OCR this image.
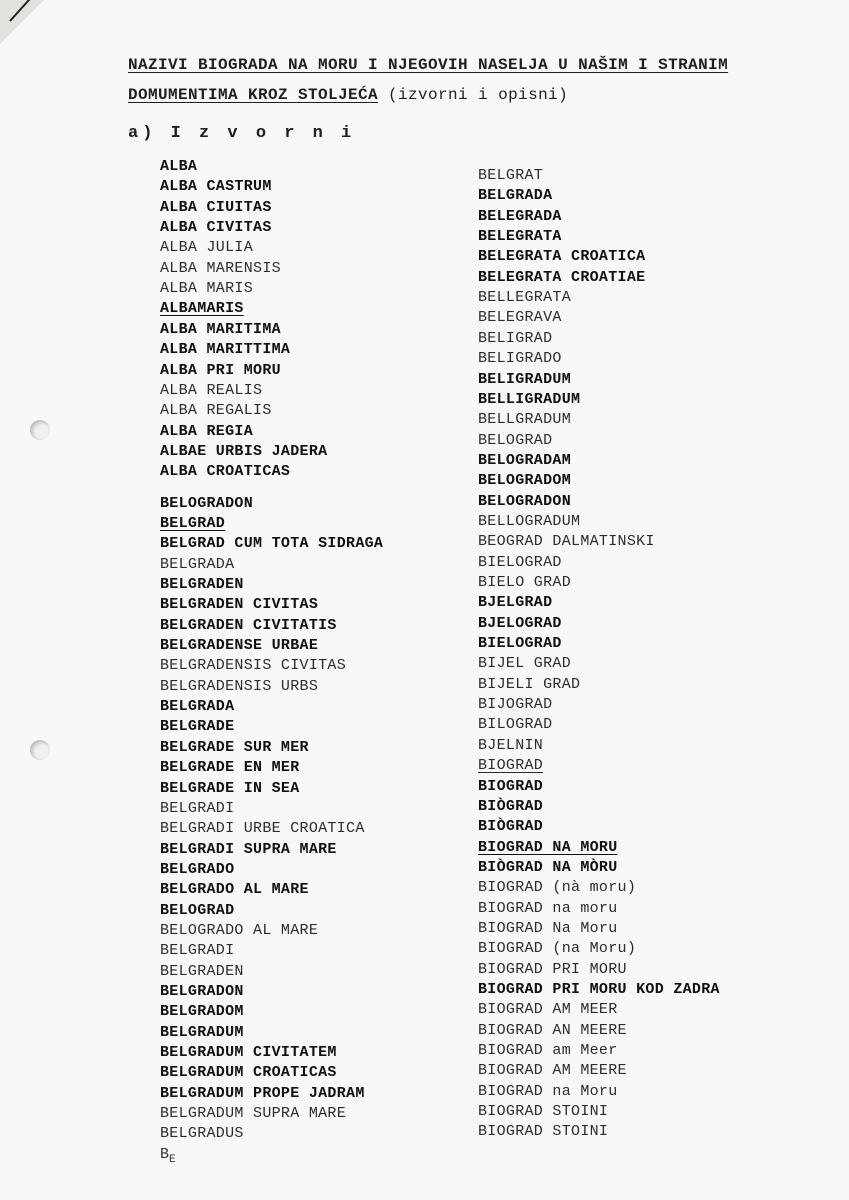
NAZIVI BIOGRADA NA MORU I NJEGOVIH NASELJA U NAŠIM I STRANIM
DOMUMENTIMA KROZ STOLJEĆA (izvorni i opisni)
a) I z v o r n i
ALBA
ALBA CASTRUM
ALBA CIUITAS
ALBA CIVITAS
ALBA JULIA
ALBA MARENSIS
ALBA MARIS
ALBAMARIS
ALBA MARITIMA
ALBA MARITTIMA
ALBA PRI MORU
ALBA REALIS
ALBA REGALIS
ALBA REGIA
ALBAE URBIS JADERA
ALBA CROATICAS
BELOGRADON
BELGRAD
BELGRAD CUM TOTA SIDRAGA
BELGRADA
BELGRADEN
BELGRADEN CIVITAS
BELGRADEN CIVITATIS
BELGRADENSE URBAE
BELGRADENSIS CIVITAS
BELGRADENSIS URBS
BELGRADA
BELGRADE
BELGRADE SUR MER
BELGRADE EN MER
BELGRADE IN SEA
BELGRADI
BELGRADI URBE CROATICA
BELGRADI SUPRA MARE
BELGRADO
BELGRADO AL MARE
BELOGRAD
BELOGRADO AL MARE
BELGRADI
BELGRADEN
BELGRADON
BELGRADOM
BELGRADUM
BELGRADUM CIVITATEM
BELGRADUM CROATICAS
BELGRADUM PROPE JADRAM
BELGRADUM SUPRA MARE
BELGRADUS
BELGRAT
BELGRADA
BELEGRADA
BELEGRATA
BELEGRATA CROATICA
BELEGRATA CROATIAE
BELLEGRATA
BELEGRAVA
BELIGRAD
BELIGRADO
BELIGRADUM
BELLIGRADUM
BELLGRADUM
BELOGRAD
BELOGRADAM
BELOGRADOM
BELOGRADON
BELLOGRADUM
BEOGRAD DALMATINSKI
BIELOGRAD
BIELO GRAD
BJELGRAD
BJELOGRAD
BIELOGRAD
BIJEL GRAD
BIJELI GRAD
BIJOGRAD
BILOGRAD
BJELNIN
BIOGRAD
BIOGRAD
BIÒGRAD
BIÒGRAD
BIOGRAD NA MORU
BIÒGRAD NA MÒRU
BIOGRAD (nà moru)
BIOGRAD na moru
BIOGRAD Na Moru
BIOGRAD (na Moru)
BIOGRAD PRI MORU
BIOGRAD PRI MORU KOD ZADRA
BIOGRAD AM MEER
BIOGRAD AN MEERE
BIOGRAD am Meer
BIOGRAD AM MEERE
BIOGRAD na Moru
BIOGRAD STOINI
BIOGRAD STOINI
$B_E$
